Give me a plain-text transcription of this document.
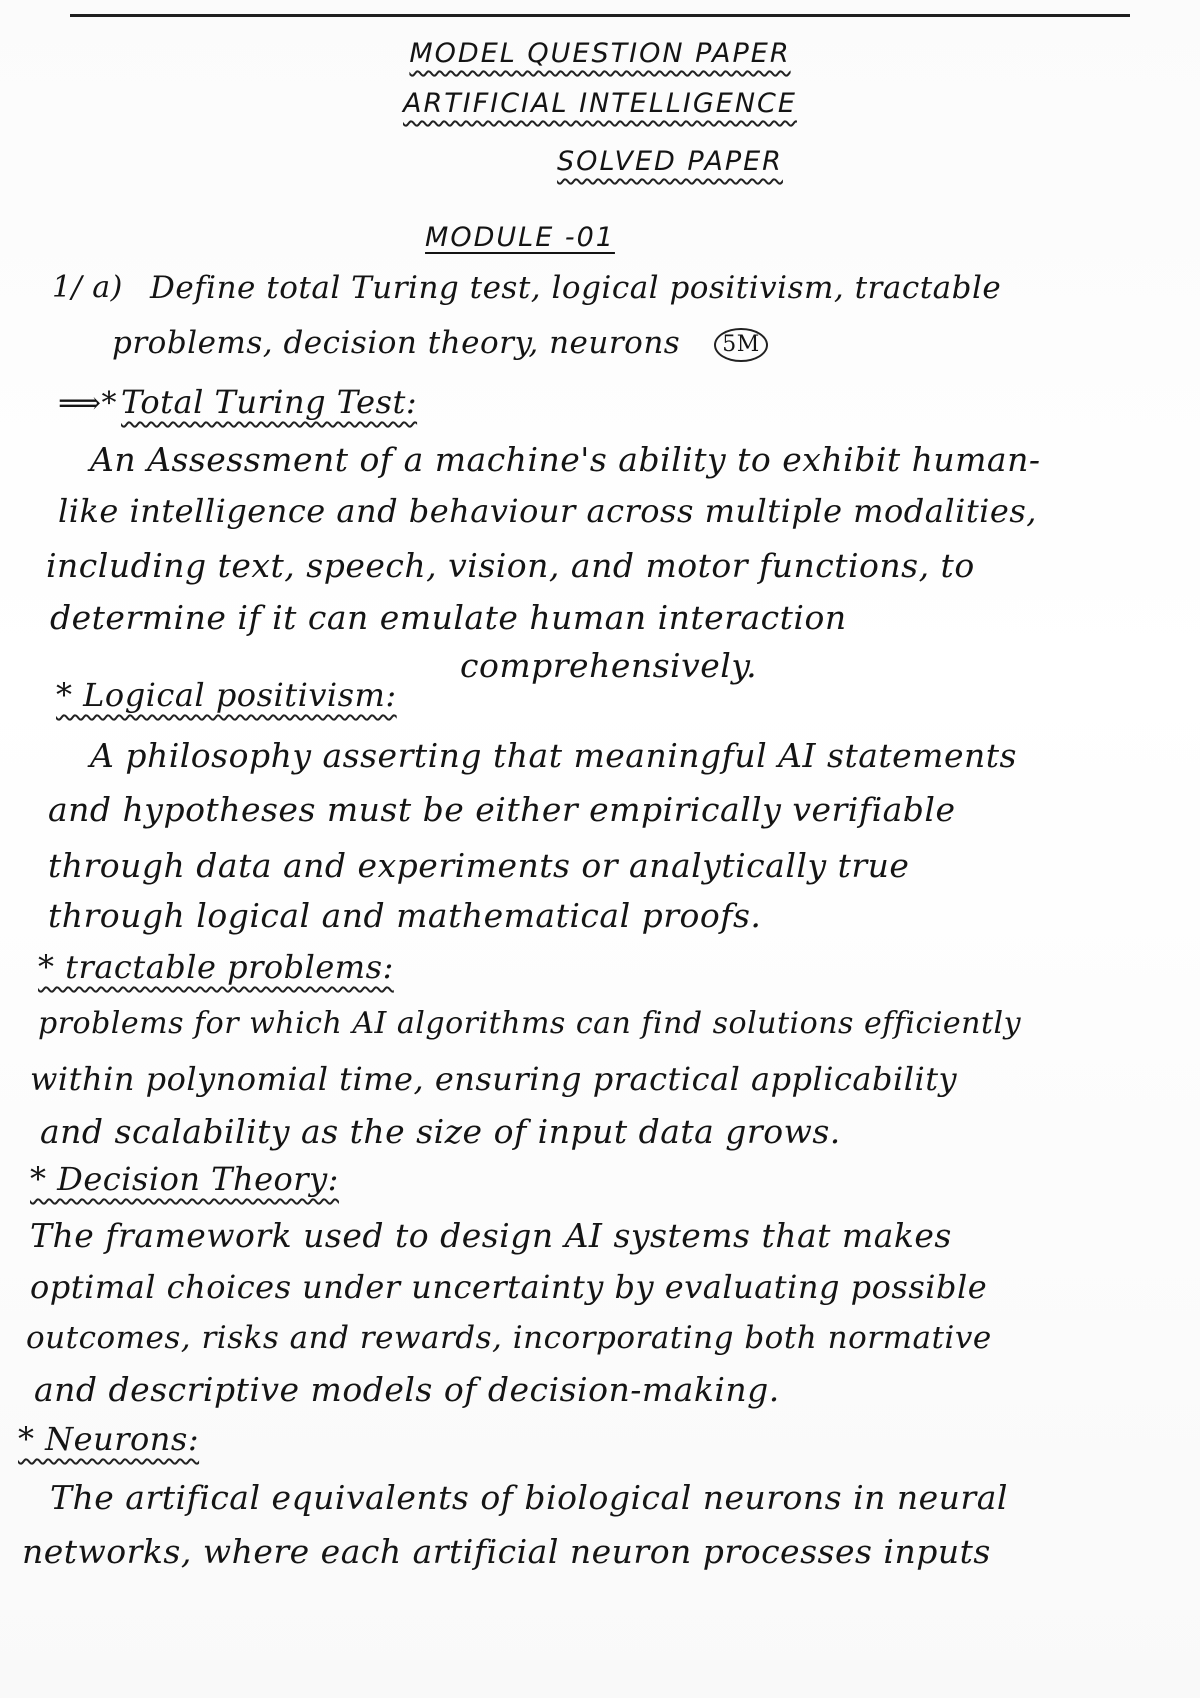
MODEL QUESTION PAPER
ARTIFICIAL INTELLIGENCE
SOLVED PAPER
MODULE -01
1/ a) Define total Turing test, logical positivism, tractable
problems, decision theory, neurons 5M
⟹* Total Turing Test:
An Assessment of a machine's ability to exhibit human-
like intelligence and behaviour across multiple modalities,
including text, speech, vision, and motor functions, to
determine if it can emulate human interaction
comprehensively.
* Logical positivism:
A philosophy asserting that meaningful AI statements
and hypotheses must be either empirically verifiable
through data and experiments or analytically true
through logical and mathematical proofs.
* tractable problems:
problems for which AI algorithms can find solutions efficiently
within polynomial time, ensuring practical applicability
and scalability as the size of input data grows.
* Decision Theory:
The framework used to design AI systems that makes
optimal choices under uncertainty by evaluating possible
outcomes, risks and rewards, incorporating both normative
and descriptive models of decision-making.
* Neurons:
The artifical equivalents of biological neurons in neural
networks, where each artificial neuron processes inputs
